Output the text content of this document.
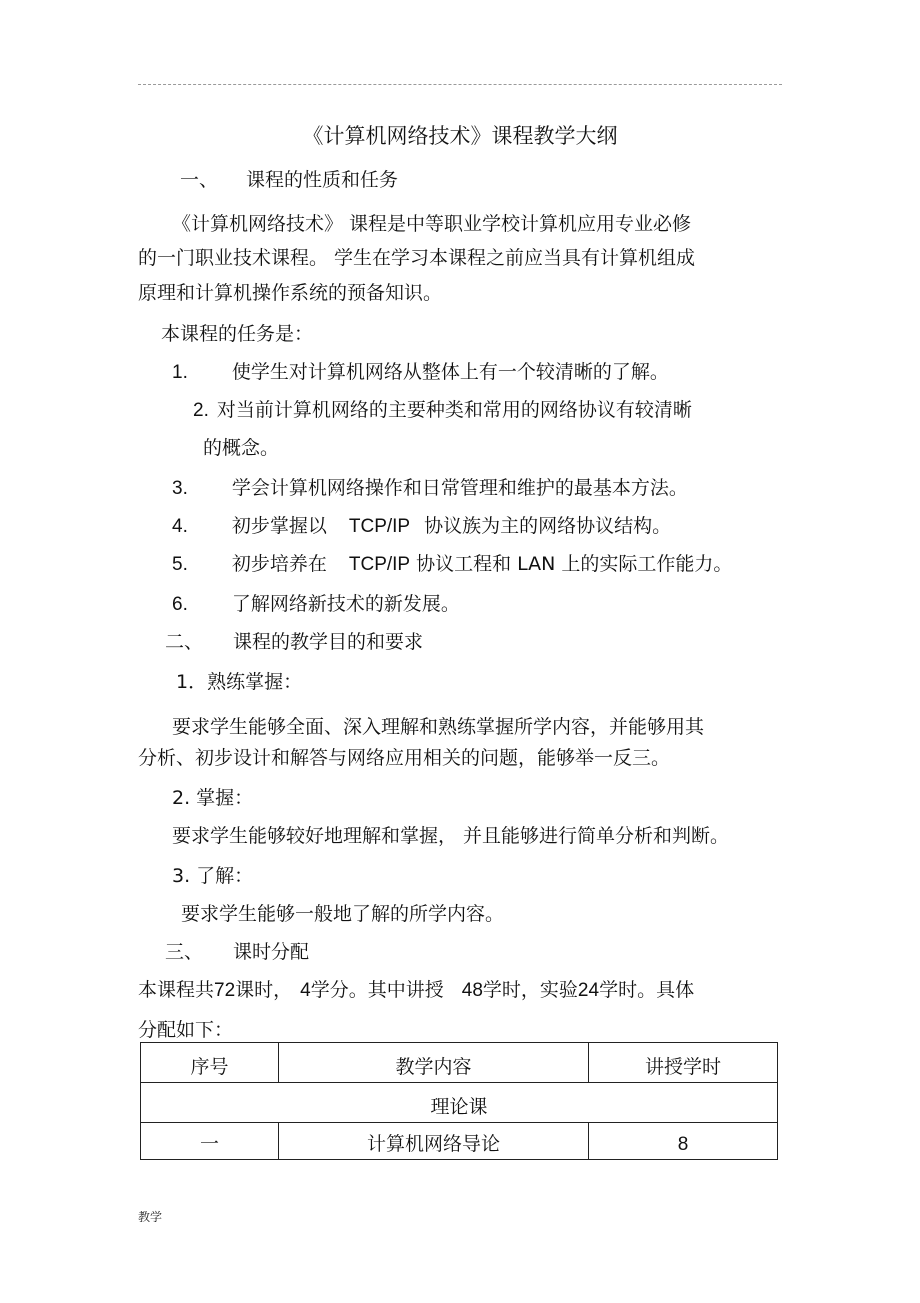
《计算机网络技术》课程教学大纲
一、 课程的性质和任务
《计算机网络技术》 课程是中等职业学校计算机应用专业必修
的一门职业技术课程。 学生在学习本课程之前应当具有计算机组成
原理和计算机操作系统的预备知识。
本课程的任务是：
1. 使学生对计算机网络从整体上有一个较清晰的了解。
2. 对当前计算机网络的主要种类和常用的网络协议有较清晰
的概念。
3. 学会计算机网络操作和日常管理和维护的最基本方法。
4. 初步掌握以 TCP/IP 协议族为主的网络协议结构。
5. 初步培养在 TCP/IP 协议工程和 LAN 上的实际工作能力。
6. 了解网络新技术的新发展。
二、 课程的教学目的和要求
1．熟练掌握：
要求学生能够全面、深入理解和熟练掌握所学内容，并能够用其
分析、初步设计和解答与网络应用相关的问题，能够举一反三。
2. 掌握：
要求学生能够较好地理解和掌握， 并且能够进行简单分析和判断。
3. 了解：
要求学生能够一般地了解的所学内容。
三、 课时分配
本课程共72课时， 4学分。其中讲授 48学时，实验24学时。具体
分配如下：
序号	教学内容	讲授学时
理论课		
一	计算机网络导论	8
教学
